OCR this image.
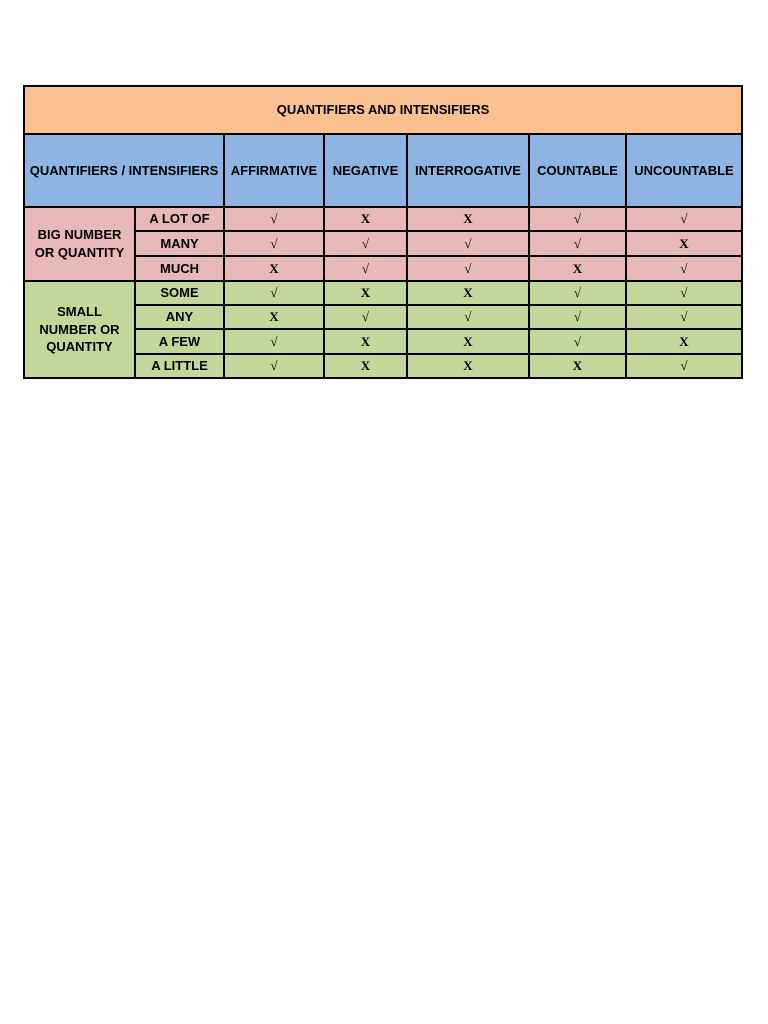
QUANTIFIERS AND INTENSIFIERS						
QUANTIFIERS / INTENSIFIERS		AFFIRMATIVE	NEGATIVE	INTERROGATIVE	COUNTABLE	UNCOUNTABLE
BIG NUMBER OR QUANTITY	A LOT OF	√	X	X	√	√
	MANY	√	√	√	√	X
	MUCH	X	√	√	X	√
SMALL NUMBER OR QUANTITY	SOME	√	X	X	√	√
	ANY	X	√	√	√	√
	A FEW	√	X	X	√	X
	A LITTLE	√	X	X	X	√
